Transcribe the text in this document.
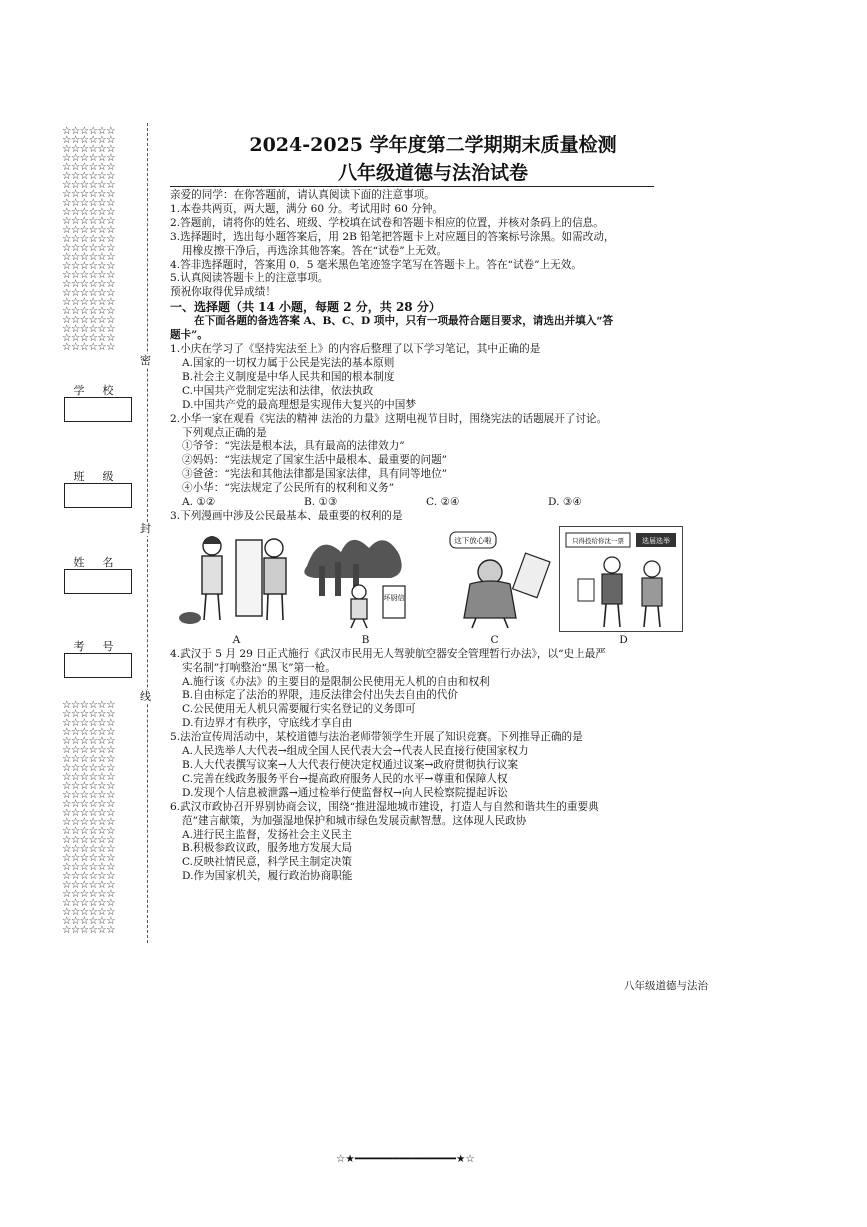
☆☆☆☆☆☆
☆☆☆☆☆☆
☆☆☆☆☆☆
☆☆☆☆☆☆
☆☆☆☆☆☆
☆☆☆☆☆☆
☆☆☆☆☆☆
☆☆☆☆☆☆
☆☆☆☆☆☆
☆☆☆☆☆☆
☆☆☆☆☆☆
☆☆☆☆☆☆
☆☆☆☆☆☆
☆☆☆☆☆☆
☆☆☆☆☆☆
☆☆☆☆☆☆
☆☆☆☆☆☆
☆☆☆☆☆☆
☆☆☆☆☆☆
☆☆☆☆☆☆
☆☆☆☆☆☆
☆☆☆☆☆☆
☆☆☆☆☆☆
☆☆☆☆☆☆
☆☆☆☆☆☆
☆☆☆☆☆☆
☆☆☆☆☆☆
☆☆☆☆☆☆
☆☆☆☆☆☆
☆☆☆☆☆☆
☆☆☆☆☆☆
☆☆☆☆☆☆
☆☆☆☆☆☆
☆☆☆☆☆☆
☆☆☆☆☆☆
☆☆☆☆☆☆
☆☆☆☆☆☆
☆☆☆☆☆☆
☆☆☆☆☆☆
☆☆☆☆☆☆
☆☆☆☆☆☆
☆☆☆☆☆☆
☆☆☆☆☆☆
☆☆☆☆☆☆
☆☆☆☆☆☆
☆☆☆☆☆☆
☆☆☆☆☆☆
☆☆☆☆☆☆
☆☆☆☆☆☆
☆☆☆☆☆☆
☆☆☆☆☆☆
密
封
线
学校
班级
姓名
考号
2024-2025 学年度第二学期期末质量检测
八年级道德与法治试卷

亲爱的同学：在你答题前，请认真阅读下面的注意事项。

1.本卷共两页，两大题，满分 60 分。考试用时 60 分钟。

2.答题前，请将你的姓名、班级、学校填在试卷和答题卡相应的位置，并核对条码上的信息。

3.选择题时，选出每小题答案后，用 2B 铅笔把答题卡上对应题目的答案标号涂黑。如需改动，

用橡皮擦干净后，再选涂其他答案。答在“试卷”上无效。

4.答非选择题时，答案用 0．5 毫米黑色笔迹签字笔写在答题卡上。答在“试卷”上无效。

5.认真阅读答题卡上的注意事项。

预祝你取得优异成绩！

一、选择题（共 14 小题，每题 2 分，共 28 分）

在下面各题的备选答案 A、B、C、D 项中，只有一项最符合题目要求，请选出并填入“答

题卡”。

1.小庆在学习了《坚持宪法至上》的内容后整理了以下学习笔记，其中正确的是

A.国家的一切权力属于公民是宪法的基本原则

B.社会主义制度是中华人民共和国的根本制度

C.中国共产党制定宪法和法律，依法执政

D.中国共产党的最高理想是实现伟大复兴的中国梦

2.小华一家在观看《宪法的精神 法治的力量》这期电视节目时，围绕宪法的话题展开了讨论。

下列观点正确的是

①爷爷：“宪法是根本法，具有最高的法律效力”

②妈妈：“宪法规定了国家生活中最根本、最重要的问题”

③爸爸：“宪法和其他法律都是国家法律，具有同等地位”

④小华：“宪法规定了公民所有的权利和义务”

A. ①②	B. ①③	C. ②④	D. ③④

3.下列漫画中涉及公民最基本、最重要的权利的是

坏厨信
这下放心啦	只得投给你沈一票	选届选举
A	B	C	D

4.武汉于 5 月 29 日正式施行《武汉市民用无人驾驶航空器安全管理暂行办法》，以“史上最严

实名制”打响整治“黑飞”第一枪。

A.施行该《办法》的主要目的是限制公民使用无人机的自由和权利

B.自由标定了法治的界限，违反法律会付出失去自由的代价

C.公民使用无人机只需要履行实名登记的义务即可

D.有边界才有秩序，守底线才享自由

5.法治宣传周活动中，某校道德与法治老师带领学生开展了知识竞赛。下列推导正确的是

A.人民选举人大代表→组成全国人民代表大会→代表人民直接行使国家权力

B.人大代表撰写议案→人大代表行使决定权通过议案→政府贯彻执行议案

C.完善在线政务服务平台→提高政府服务人民的水平→尊重和保障人权

D.发现个人信息被泄露→通过检举行使监督权→向人民检察院提起诉讼

6.武汉市政协召开界别协商会议，围绕“推进湿地城市建设，打造人与自然和谐共生的重要典

范”建言献策，为加强湿地保护和城市绿色发展贡献智慧。这体现人民政协

A.进行民主监督，发扬社会主义民主

B.积极参政议政，服务地方发展大局

C.反映社情民意，科学民主制定决策

D.作为国家机关，履行政治协商职能

八年级道德与法治
☆★━━━━━━━━━━━━━━━━★☆
